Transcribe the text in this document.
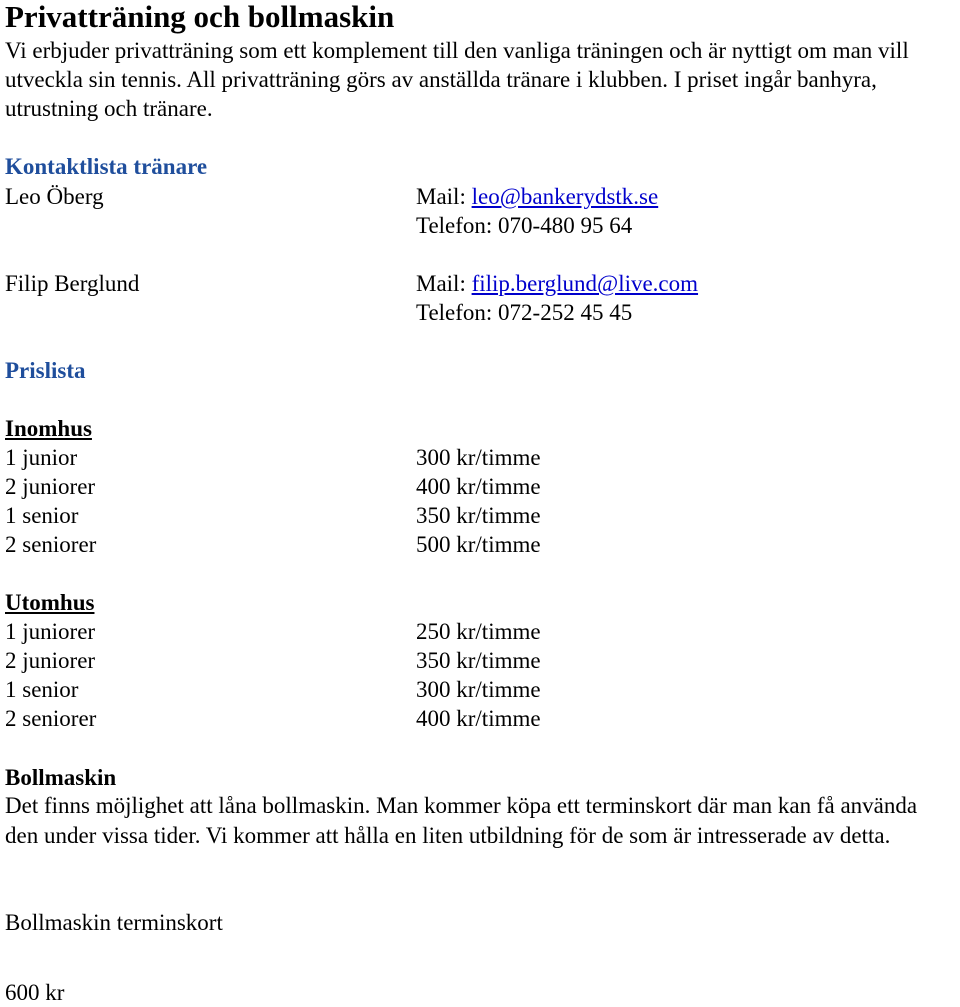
Privatträning och bollmaskin

Vi erbjuder privatträning som ett komplement till den vanliga träningen och är nyttigt om man vill utveckla sin tennis. All privatträning görs av anställda tränare i klubben. I priset ingår banhyra, utrustning och tränare.

Kontaktlista tränare
Leo Öberg	Mail: leo@bankerydstk.se
Telefon: 070-480 95 64
Filip Berglund	Mail: filip.berglund@live.com
Telefon: 072-252 45 45
Prislista
Inomhus
1 junior	300 kr/timme
2 juniorer	400 kr/timme
1 senior	350 kr/timme
2 seniorer	500 kr/timme
Utomhus
1 juniorer	250 kr/timme
2 juniorer	350 kr/timme
1 senior	300 kr/timme
2 seniorer	400 kr/timme
Bollmaskin

Det finns möjlighet att låna bollmaskin. Man kommer köpa ett terminskort där man kan få använda den under vissa tider. Vi kommer att hålla en liten utbildning för de som är intresserade av detta.

Bollmaskin terminskort
600 kr
